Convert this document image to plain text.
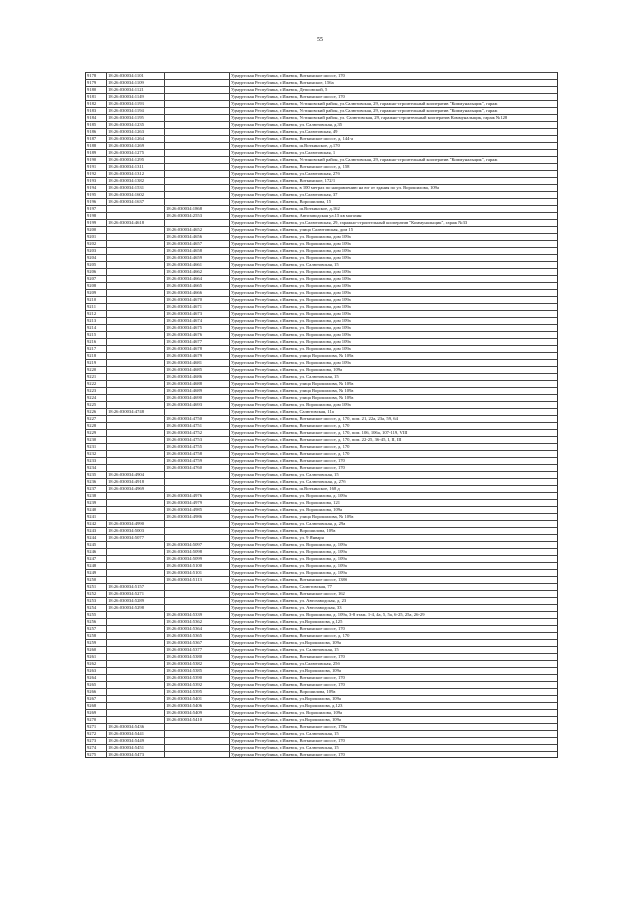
55
9178	18:26:030034:1101	Удмуртская Республика, г.Ижевск, Воткинское шоссе, 170
9179	18:26:030034:1109	Удмуртская Республика, г.Ижевск, Воткинское, 156а
9180	18:26:030034:1121	Удмуртская Республика, г.Ижевск, Депоовской, 5
9181	18:26:030034:1149	Удмуртская Республика, г.Ижевск, Воткинское шоссе, 170
9182	18:26:030034:1193	Удмуртская Республика, г.Ижевск, Устиновский район, ул.Салютовская, 29, гаражно-строительный кооператив "Коммунальщик", гараж
9183	18:26:030034:1194	Удмуртская Республика, г.Ижевск, Устиновский район, ул.Салютовская, 29, гаражно-строительный кооператив "Коммунальщик", гараж
9184	18:26:030034:1195	Удмуртская Республика, г.Ижевск, Устиновский район, ул. Салютовская, 29, гаражно-строительный кооператив Коммунальщик, гараж №128
9185	18:26:030034:1235	Удмуртская Республика, г.Ижевск, ул. Салютовская, д.35
9186	18:26:030034:1263	Удмуртская Республика, г.Ижевск, ул.Салютовская, 49
9187	18:26:030034:1264	Удмуртская Республика, г.Ижевск, Воткинское шоссе, д. 144-а
9188	18:26:030034:1269	Удмуртская Республика, г.Ижевск, ш.Воткинское, д.170
9189	18:26:030034:1275	Удмуртская Республика, г.Ижевск, ул.Салютовская, 1
9190	18:26:030034:1295	Удмуртская Республика, г.Ижевск, Устиновский район, ул.Салютовская, 29, гаражно-строительный кооператив "Коммунальщик", гараж
9191	18:26:030034:1311	Удмуртская Республика, г.Ижевск, Воткинское шоссе, д. 158
9192	18:26:030034:1312	Удмуртская Республика, г.Ижевск, ул.Салютовская, 27б
9193	18:26:030034:1382	Удмуртская Республика, г.Ижевск, Воткинское, 172/1
9194	18:26:030034:1531	Удмуртская Республика, г.Ижевск, в 100 метрах по направлению на юг от здания по ул. Ворошилова, 109а
9195	18:26:030034:1602	Удмуртская Республика, г.Ижевск, ул.Салютовская, 37
9196	18:26:030034:1637	Удмуртская Республика, г.Ижевск, Ворошилова, 15
9197	18:26:030034:1868	Удмуртская Республика, г.Ижевск, ш.Воткинское, д.162
9198	18:26:030034:2553	Удмуртская Республика, г.Ижевск, Автозаводская ул.15 кв магазин
9199	18:26:030034:4618	Удмуртская Республика, г.Ижевск, ул.Салютовская, 29, гаражно-строительный кооператив "Коммунальщик", гараж №33
9200	18:26:030034:4652	Удмуртская Республика, г.Ижевск, улица Салютовская, дом 15
9201	18:26:030034:4656	Удмуртская Республика, г.Ижевск, ул. Ворошилова, дом 109а
9202	18:26:030034:4657	Удмуртская Республика, г.Ижевск, ул. Ворошилова, дом 109а
9203	18:26:030034:4658	Удмуртская Республика, г.Ижевск, ул. Ворошилова, дом 109а
9204	18:26:030034:4659	Удмуртская Республика, г.Ижевск, ул. Ворошилова, дом 109а
9205	18:26:030034:4661	Удмуртская Республика, г.Ижевск, ул. Салютовская, 15
9206	18:26:030034:4662	Удмуртская Республика, г.Ижевск, ул. Ворошилова, дом 109а
9207	18:26:030034:4664	Удмуртская Республика, г.Ижевск, ул. Ворошилова, дом 109а
9208	18:26:030034:4665	Удмуртская Республика, г.Ижевск, ул. Ворошилова, дом 109а
9209	18:26:030034:4666	Удмуртская Республика, г.Ижевск, ул. Ворошилова, дом 109а
9210	18:26:030034:4670	Удмуртская Республика, г.Ижевск, ул. Ворошилова, дом 109а
9211	18:26:030034:4671	Удмуртская Республика, г.Ижевск, ул. Ворошилова, дом 109а
9212	18:26:030034:4673	Удмуртская Республика, г.Ижевск, ул. Ворошилова, дом 109а
9213	18:26:030034:4674	Удмуртская Республика, г.Ижевск, ул. Ворошилова, дом 109а
9214	18:26:030034:4675	Удмуртская Республика, г.Ижевск, ул. Ворошилова, дом 109а
9215	18:26:030034:4676	Удмуртская Республика, г.Ижевск, ул. Ворошилова, дом 109а
9216	18:26:030034:4677	Удмуртская Республика, г.Ижевск, ул. Ворошилова, дом 109а
9217	18:26:030034:4678	Удмуртская Республика, г.Ижевск, ул. Ворошилова, дом 109а
9218	18:26:030034:4679	Удмуртская Республика, г.Ижевск, улица Ворошилова, № 109а
9219	18:26:030034:4681	Удмуртская Республика, г.Ижевск, ул. Ворошилова, дом 109а
9220	18:26:030034:4685	Удмуртская Республика, г.Ижевск, ул. Ворошилова, 109а
9221	18:26:030034:4686	Удмуртская Республика, г.Ижевск, ул. Салютовская, 15
9222	18:26:030034:4688	Удмуртская Республика, г.Ижевск, улица Ворошилова, № 109а
9223	18:26:030034:4689	Удмуртская Республика, г.Ижевск, улица Ворошилова, № 109а
9224	18:26:030034:4690	Удмуртская Республика, г.Ижевск, улица Ворошилова, № 109а
9225	18:26:030034:4693	Удмуртская Республика, г.Ижевск, ул. Ворошилова, дом 109а
9226	18:26:030034:4748	Удмуртская Республика, г.Ижевск, Салютовская, 11а
9227	18:26:030034:4750	Удмуртская Республика, г.Ижевск, Воткинское шоссе, д. 170, пом. 21, 22а, 23а, 59, 64
9228	18:26:030034:4751	Удмуртская Республика, г.Ижевск, Воткинское шоссе, д. 170
9229	18:26:030034:4752	Удмуртская Республика, г.Ижевск, Воткинское шоссе, д. 170, пом. 106, 106а, 107-119, VIII
9230	18:26:030034:4753	Удмуртская Республика, г.Ижевск, Воткинское шоссе, д. 170, пом. 22-25, 36-45, I, II, III
9231	18:26:030034:4755	Удмуртская Республика, г.Ижевск, Воткинское шоссе, д. 170
9232	18:26:030034:4758	Удмуртская Республика, г.Ижевск, Воткинское шоссе, д. 170
9233	18:26:030034:4759	Удмуртская Республика, г.Ижевск, Воткинское шоссе, 170
9234	18:26:030034:4760	Удмуртская Республика, г.Ижевск, Воткинское шоссе, 170
9235	18:26:030034:4904	Удмуртская Республика, г.Ижевск, ул. Салютовская, 15
9236	18:26:030034:4918	Удмуртская Республика, г.Ижевск, ул. Салютовская, д. 27б
9237	18:26:030034:4969	Удмуртская Республика, г.Ижевск, ш.Воткинское, 168 д
9238	18:26:030034:4976	Удмуртская Республика, г.Ижевск, ул. Ворошилова, д. 109а
9239	18:26:030034:4979	Удмуртская Республика, г.Ижевск, ул. Ворошилова, 121
9240	18:26:030034:4985	Удмуртская Республика, г.Ижевск, ул. Ворошилова, 109а
9241	18:26:030034:4986	Удмуртская Республика, г.Ижевск, улица Ворошилова, № 109а
9242	18:26:030034:4990	Удмуртская Республика, г.Ижевск, ул. Салютовская, д. 29а
9243	18:26:030034:5003	Удмуртская Республика, г.Ижевск, Ворошилова, 109а
9244	18:26:030034:5077	Удмуртская Республика, г.Ижевск, ул. 9 Января
9245	18:26:030034:5097	Удмуртская Республика, г.Ижевск, ул. Ворошилова, д. 109а
9246	18:26:030034:5098	Удмуртская Республика, г.Ижевск, ул. Ворошилова, д. 109а
9247	18:26:030034:5099	Удмуртская Республика, г.Ижевск, ул. Ворошилова, д. 109а
9248	18:26:030034:5100	Удмуртская Республика, г.Ижевск, ул. Ворошилова, д. 109а
9249	18:26:030034:5101	Удмуртская Республика, г.Ижевск, ул. Ворошилова, д. 109а
9250	18:26:030034:5113	Удмуртская Республика, г.Ижевск, Воткинское шоссе, 138б
9251	18:26:030034:5157	Удмуртская Республика, г.Ижевск, Салютовская, 77
9252	18:26:030034:5271	Удмуртская Республика, г.Ижевск, Воткинское шоссе, 162
9253	18:26:030034:5289	Удмуртская Республика, г.Ижевск, ул. Автозаводская, д. 23
9254	18:26:030034:5298	Удмуртская Республика, г.Ижевск, ул. Автозаводская, 33
9255	18:26:030034:5339	Удмуртская Республика, г.Ижевск, ул. Ворошилова, д. 109а, 3-8 этаж. 1-4, 4а, 5, 5а, 6-25, 25а, 26-29
9256	18:26:030034:5362	Удмуртская Республика, г.Ижевск, ул.Ворошилова, д.125
9257	18:26:030034:5364	Удмуртская Республика, г.Ижевск, Воткинское шоссе, 170
9258	18:26:030034:5365	Удмуртская Республика, г.Ижевск, Воткинское шоссе, д. 170
9259	18:26:030034:5367	Удмуртская Республика, г.Ижевск, ул.Ворошилова, 109а
9260	18:26:030034:5377	Удмуртская Республика, г.Ижевск, ул. Салютовская, 15
9261	18:26:030034:5380	Удмуртская Республика, г.Ижевск, Воткинское шоссе, 170
9262	18:26:030034:5382	Удмуртская Республика, г.Ижевск, ул.Салютовская, 25б
9263	18:26:030034:5385	Удмуртская Республика, г.Ижевск, ул.Ворошилова, 109а
9264	18:26:030034:5390	Удмуртская Республика, г.Ижевск, Воткинское шоссе, 170
9265	18:26:030034:5392	Удмуртская Республика, г.Ижевск, Воткинское шоссе, 170
9266	18:26:030034:5395	Удмуртская Республика, г.Ижевск, Ворошилова, 109а
9267	18:26:030034:5401	Удмуртская Республика, г.Ижевск, ул.Ворошилова, 109а
9268	18:26:030034:5406	Удмуртская Республика, г.Ижевск, ул.Ворошилова, д.123
9269	18:26:030034:5409	Удмуртская Республика, г.Ижевск, ул. Ворошилова, 109а
9270	18:26:030034:5410	Удмуртская Республика, г.Ижевск, ул.Ворошилова, 109а
9271	18:26:030034:5436	Удмуртская Республика, г.Ижевск, Воткинское шоссе, 178а
9272	18:26:030034:5441	Удмуртская Республика, г.Ижевск, ул. Салютовская, 15
9273	18:26:030034:5449	Удмуртская Республика, г.Ижевск, Воткинское шоссе, 170
9274	18:26:030034:5451	Удмуртская Республика, г.Ижевск, ул. Салютовская, 15
9275	18:26:030034:5473	Удмуртская Республика, г.Ижевск, Воткинское шоссе, 170
